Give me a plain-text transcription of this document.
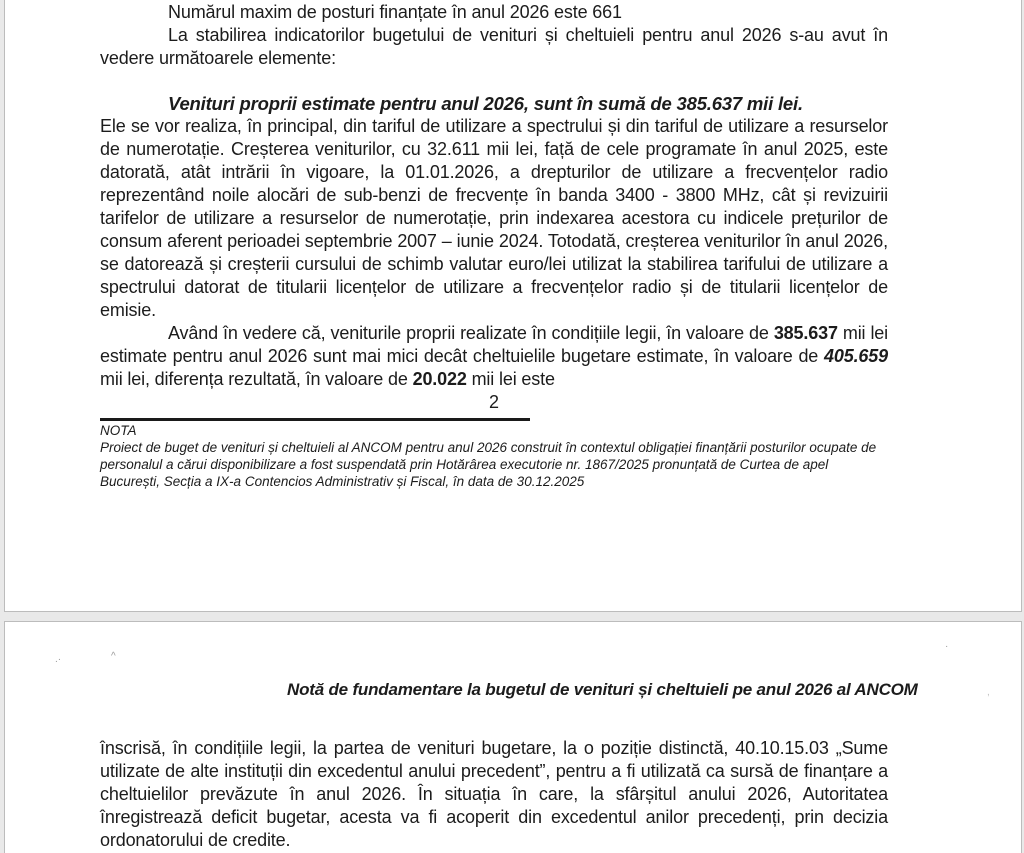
Numărul maxim de posturi finanțate în anul 2026 este 661

La stabilirea indicatorilor bugetului de venituri și cheltuieli pentru anul 2026 s-au avut în vedere următoarele elemente:

Venituri proprii estimate pentru anul 2026, sunt în sumă de 385.637 mii lei.

Ele se vor realiza, în principal, din tariful de utilizare a spectrului și din tariful de utilizare a resurselor de numerotație. Creșterea veniturilor, cu 32.611 mii lei, față de cele programate în anul 2025, este datorată, atât intrării în vigoare, la 01.01.2026, a drepturilor de utilizare a frecvențelor radio reprezentând noile alocări de sub-benzi de frecvențe în banda 3400 - 3800 MHz, cât și revizuirii tarifelor de utilizare a resurselor de numerotație, prin indexarea acestora cu indicele prețurilor de consum aferent perioadei septembrie 2007 – iunie 2024. Totodată, creșterea veniturilor în anul 2026, se datorează și creșterii cursului de schimb valutar euro/lei utilizat la stabilirea tarifului de utilizare a spectrului datorat de titularii licențelor de utilizare a frecvențelor radio și de titularii licențelor de emisie.

Având în vedere că, veniturile proprii realizate în condițiile legii, în valoare de 385.637 mii lei estimate pentru anul 2026 sunt mai mici decât cheltuielile bugetare estimate, în valoare de 405.659 mii lei, diferența rezultată, în valoare de 20.022 mii lei este

2
NOTA
Proiect de buget de venituri și cheltuieli al ANCOM pentru anul 2026 construit în contextul obligației finanțării posturilor ocupate de personalul a cărui disponibilizare a fost suspendată prin Hotărârea executorie nr. 1867/2025 pronunțată de Curtea de apel București, Secția a IX-a Contencios Administrativ și Fiscal, în data de 30.12.2025
.·	^
·
,
Notă de fundamentare la bugetul de venituri și cheltuieli pe anul 2026 al ANCOM

înscrisă, în condițiile legii, la partea de venituri bugetare, la o poziție distinctă, 40.10.15.03 „Sume utilizate de alte instituții din excedentul anului precedent”, pentru a fi utilizată ca sursă de finanțare a cheltuielilor prevăzute în anul 2026. În situația în care, la sfârșitul anului 2026, Autoritatea înregistrează deficit bugetar, acesta va fi acoperit din excedentul anilor precedenți, prin decizia ordonatorului de credite.
